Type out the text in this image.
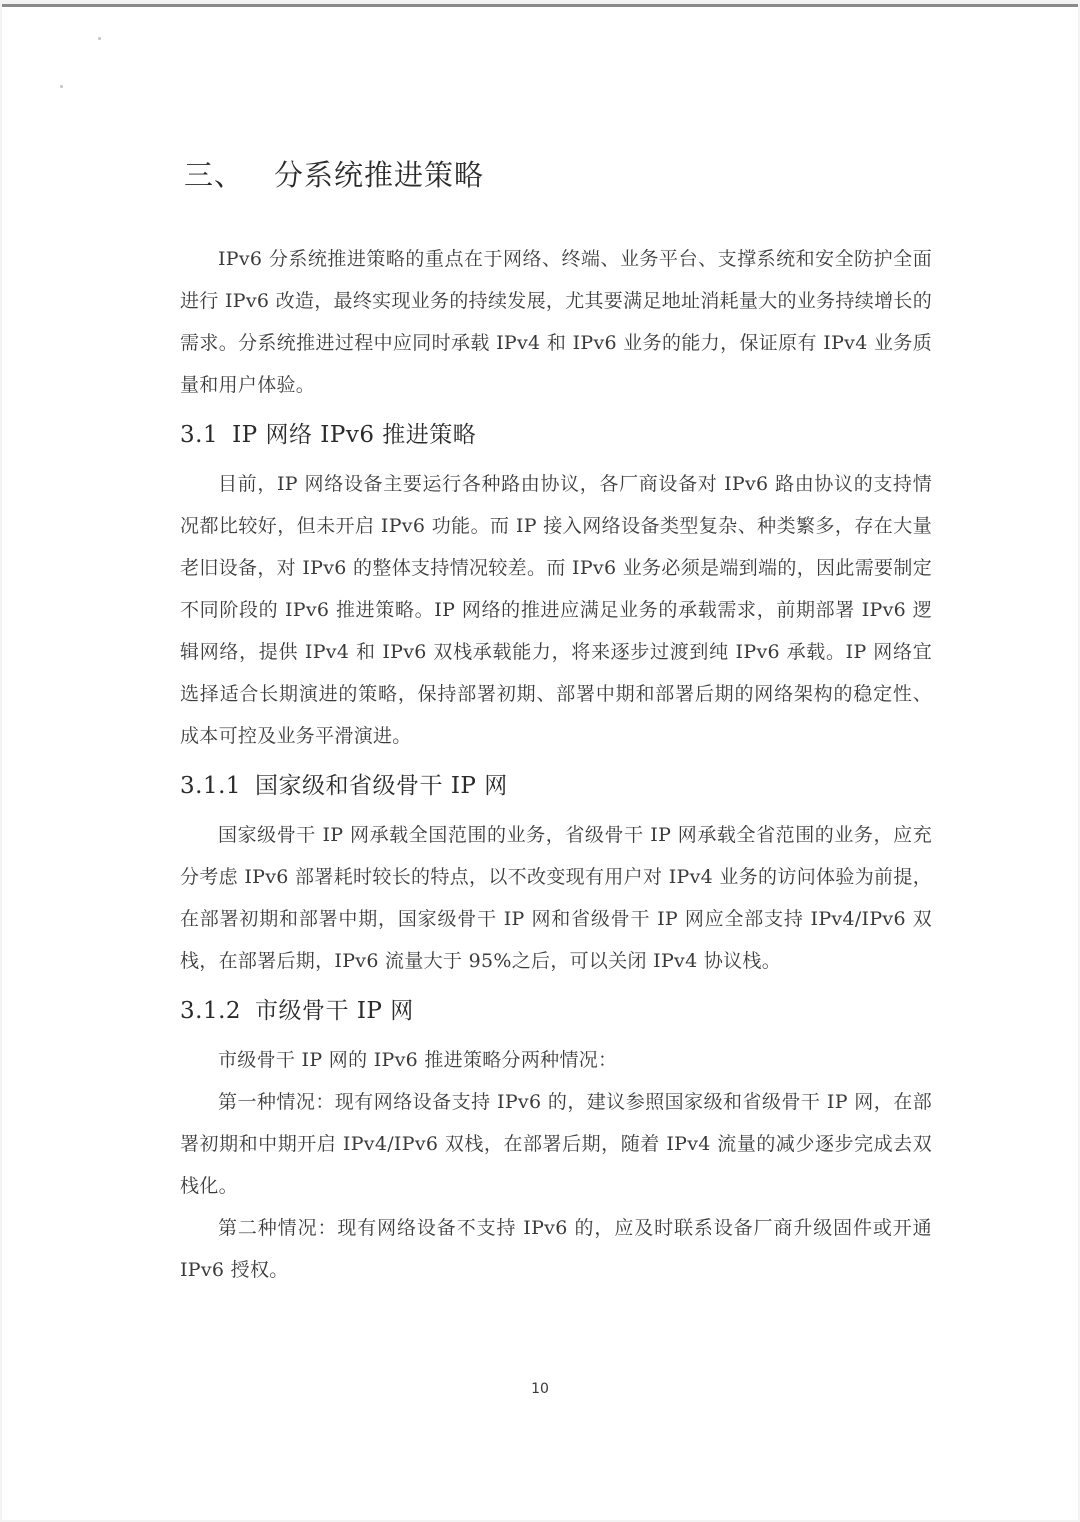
三、 分系统推进策略

IPv6 分系统推进策略的重点在于网络、终端、业务平台、支撑系统和安全防护全面进行 IPv6 改造，最终实现业务的持续发展，尤其要满足地址消耗量大的业务持续增长的需求。分系统推进过程中应同时承载 IPv4 和 IPv6 业务的能力，保证原有 IPv4 业务质量和用户体验。

3.1 IP 网络 IPv6 推进策略

目前，IP 网络设备主要运行各种路由协议，各厂商设备对 IPv6 路由协议的支持情况都比较好，但未开启 IPv6 功能。而 IP 接入网络设备类型复杂、种类繁多，存在大量老旧设备，对 IPv6 的整体支持情况较差。而 IPv6 业务必须是端到端的，因此需要制定不同阶段的 IPv6 推进策略。IP 网络的推进应满足业务的承载需求，前期部署 IPv6 逻辑网络，提供 IPv4 和 IPv6 双栈承载能力，将来逐步过渡到纯 IPv6 承载。IP 网络宜选择适合长期演进的策略，保持部署初期、部署中期和部署后期的网络架构的稳定性、成本可控及业务平滑演进。

3.1.1 国家级和省级骨干 IP 网

国家级骨干 IP 网承载全国范围的业务，省级骨干 IP 网承载全省范围的业务，应充分考虑 IPv6 部署耗时较长的特点，以不改变现有用户对 IPv4 业务的访问体验为前提，在部署初期和部署中期，国家级骨干 IP 网和省级骨干 IP 网应全部支持 IPv4/IPv6 双栈，在部署后期，IPv6 流量大于 95%之后，可以关闭 IPv4 协议栈。

3.1.2 市级骨干 IP 网

市级骨干 IP 网的 IPv6 推进策略分两种情况：

第一种情况：现有网络设备支持 IPv6 的，建议参照国家级和省级骨干 IP 网，在部署初期和中期开启 IPv4/IPv6 双栈，在部署后期，随着 IPv4 流量的减少逐步完成去双栈化。

第二种情况：现有网络设备不支持 IPv6 的，应及时联系设备厂商升级固件或开通 IPv6 授权。

10
